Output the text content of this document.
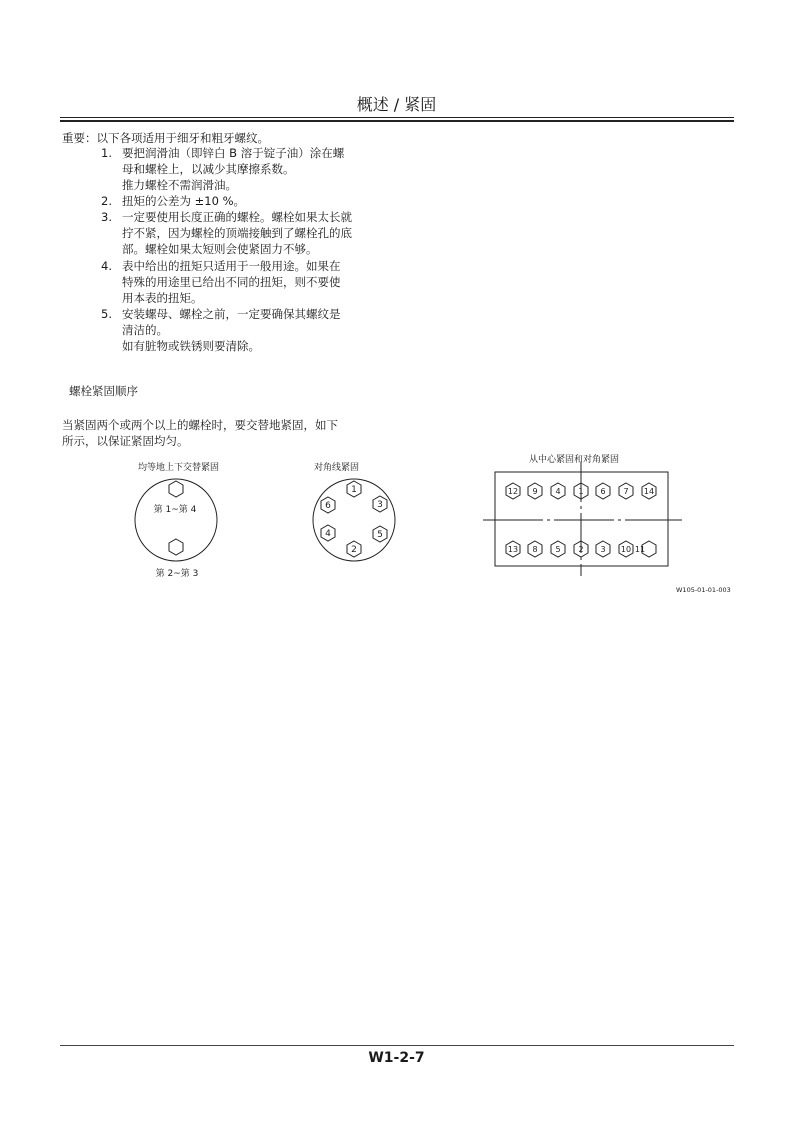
概述 / 紧固
重要：以下各项适用于细牙和粗牙螺纹。
1. 要把润滑油（即锌白 B 溶于锭子油）涂在螺
母和螺栓上，以减少其摩擦系数。
推力螺栓不需润滑油。
2. 扭矩的公差为 ±10 %。
3. 一定要使用长度正确的螺栓。螺栓如果太长就
拧不紧，因为螺栓的顶端接触到了螺栓孔的底
部。螺栓如果太短则会使紧固力不够。
4. 表中给出的扭矩只适用于一般用途。如果在
特殊的用途里已给出不同的扭矩，则不要使
用本表的扭矩。
5. 安装螺母、螺栓之前，一定要确保其螺纹是
清洁的。
如有脏物或铁锈则要清除。
螺栓紧固顺序
当紧固两个或两个以上的螺栓时，要交替地紧固，如下
所示，以保证紧固均匀。
均等地上下交替紧固	对角线紧固
从中心紧固和对角紧固
1
3
5
2
4
6
第 1~第 4
第 2~第 3
12 9 4 1 6 7 14
13 8 5 2 3 10 11
W105-01-01-003
W1-2-7
